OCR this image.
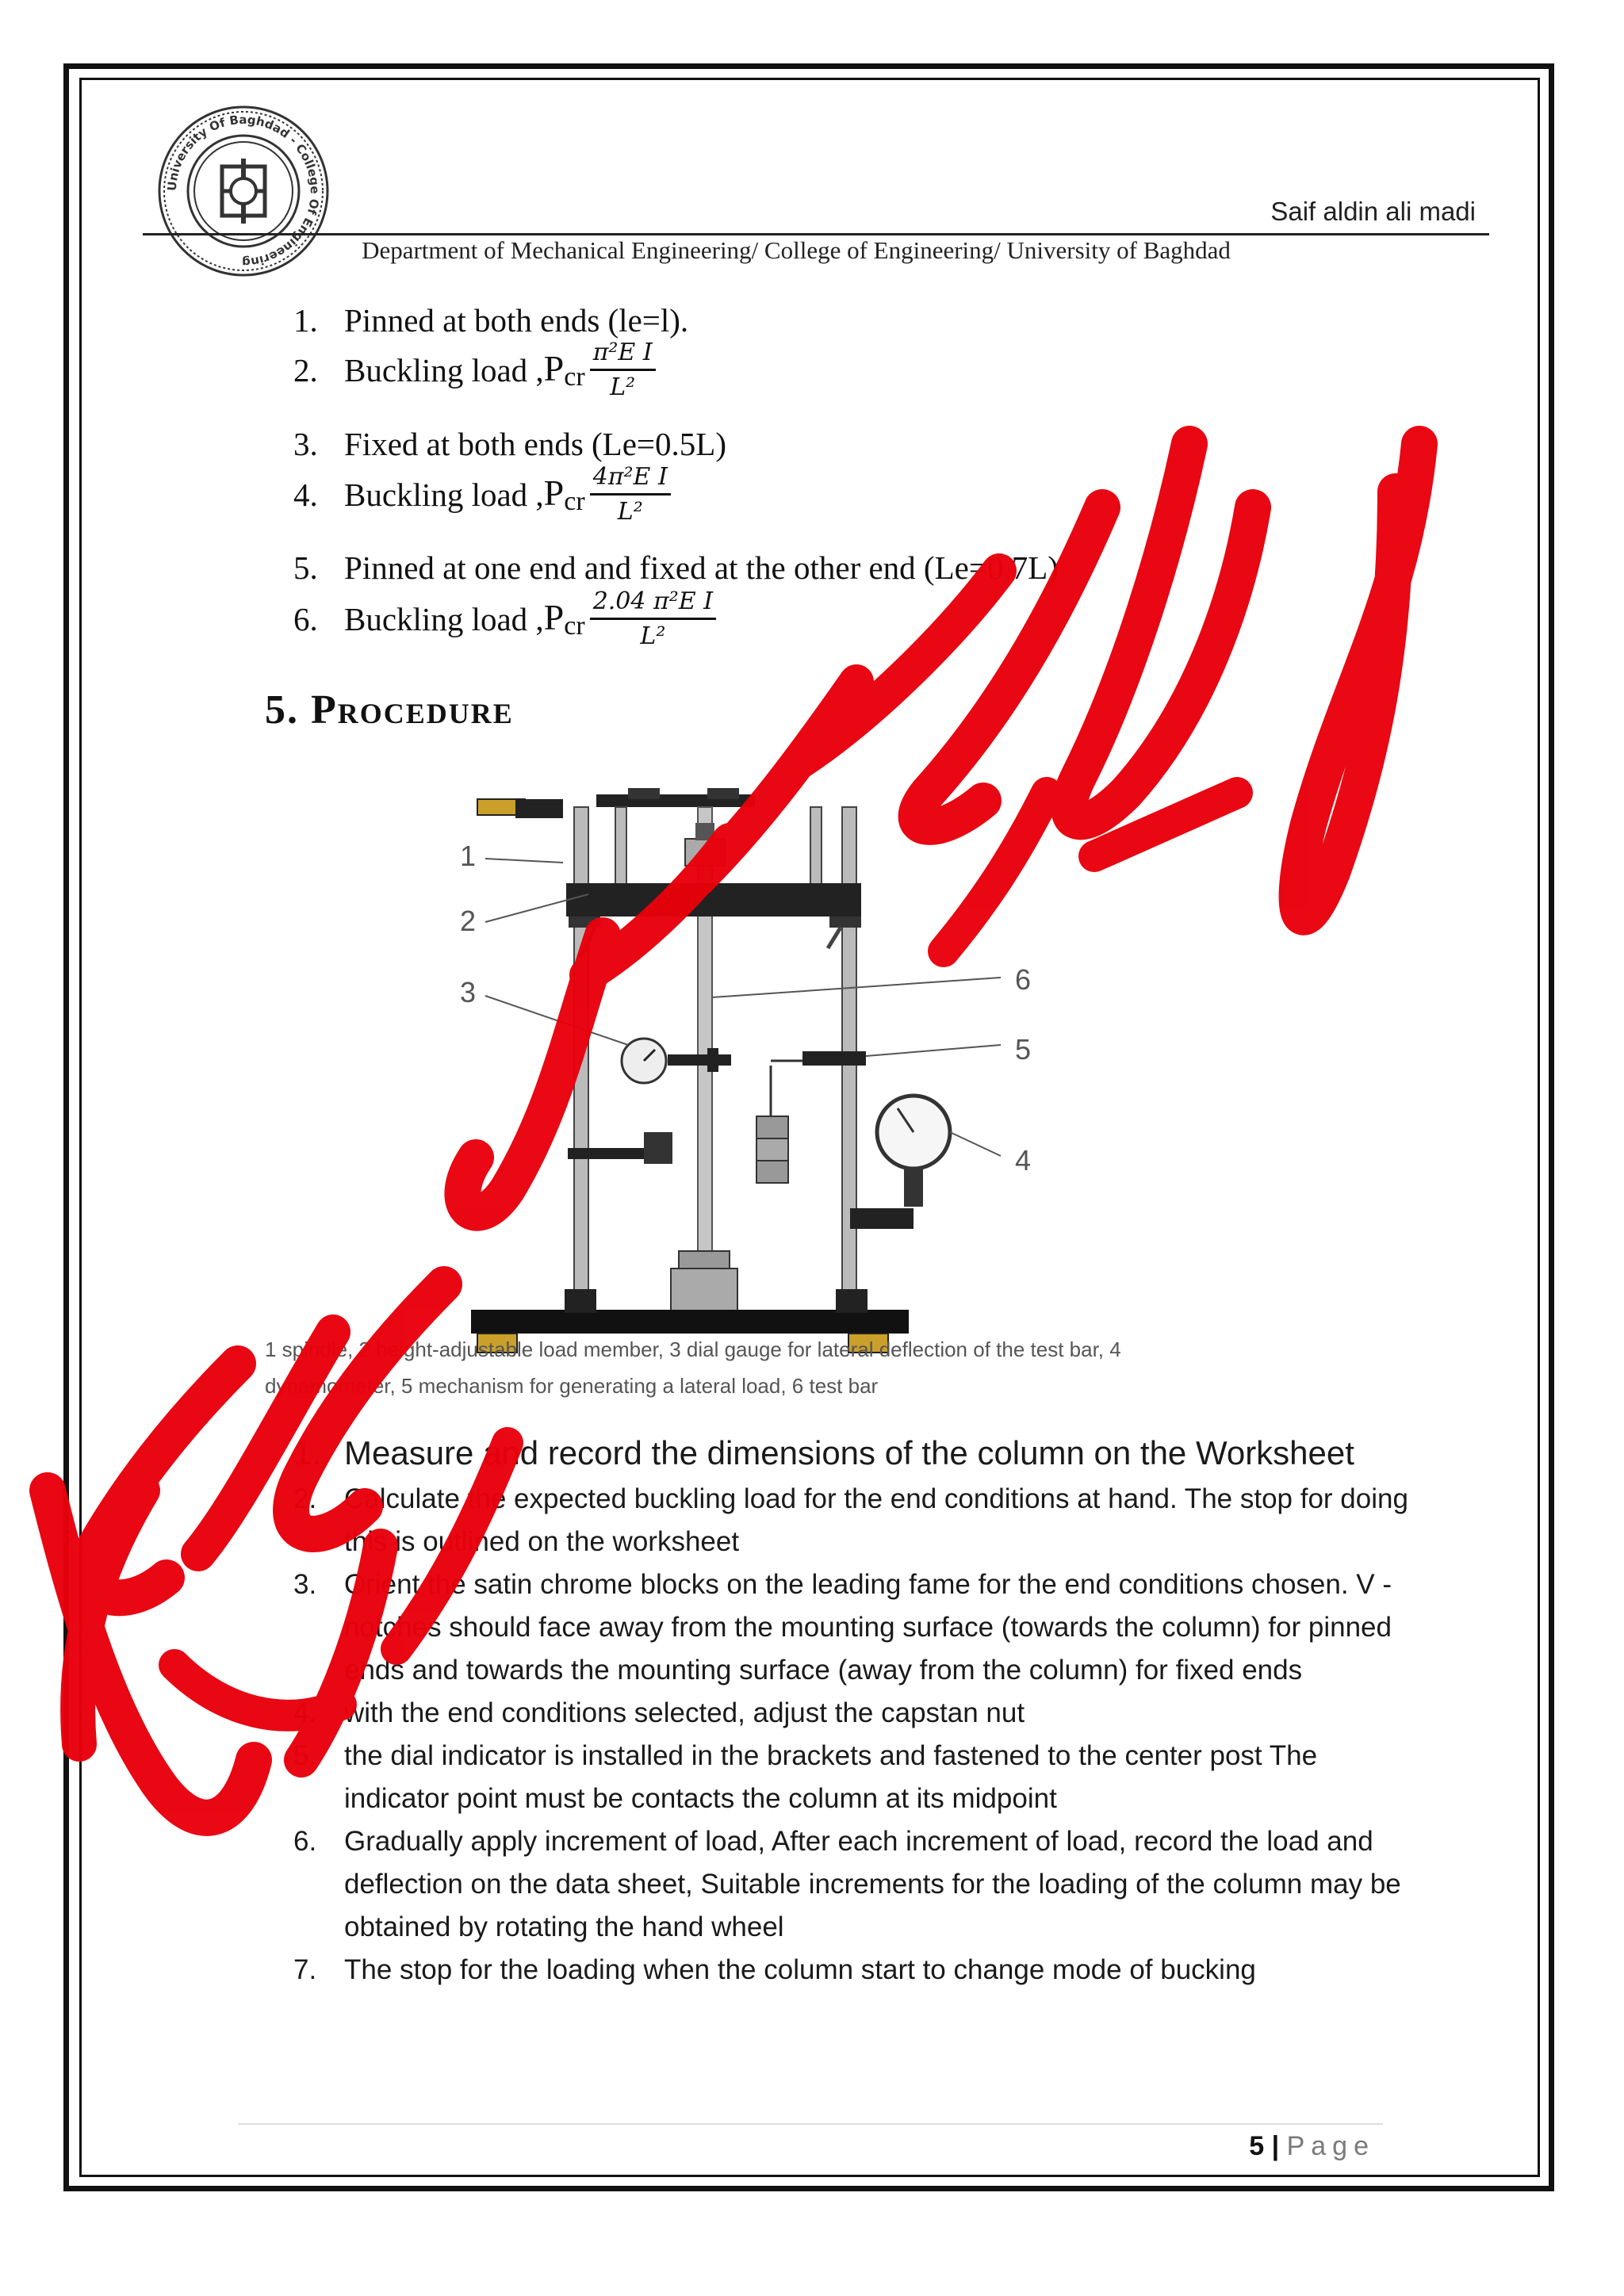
University Of Baghdad - College Of Engineering
Saif aldin ali madi
Department of Mechanical Engineering/ College of Engineering/ University of Baghdad
1. Pinned at both ends (le=l).
2. Buckling load , $P_{cr} \frac{\text{π²E I}}{\text{L²}}$
3. Fixed at both ends (Le=0.5L)
4. Buckling load , $P_{cr} \frac{\text{4π²E I}}{\text{L²}}$
5. Pinned at one end and fixed at the other end (Le=0.7L)
6. Buckling load , $P_{cr} \frac{\text{2.04 π²E I}}{\text{L²}}$
5. Procedure
1
2
3
4
5
6
1 spindle, 2 height-adjustable load member, 3 dial gauge for lateral deflection of the test bar, 4
dynamometer, 5 mechanism for generating a lateral load, 6 test bar
1. Measure and record the dimensions of the column on the Worksheet
2. Calculate the expected buckling load for the end conditions at hand. The stop for doing this is outlined on the worksheet
3. Orient the satin chrome blocks on the leading fame for the end conditions chosen. V - notches should face away from the mounting surface (towards the column) for pinned ends and towards the mounting surface (away from the column) for fixed ends
4. with the end conditions selected, adjust the capstan nut
5. the dial indicator is installed in the brackets and fastened to the center post The indicator point must be contacts the column at its midpoint
6. Gradually apply increment of load, After each increment of load, record the load and deflection on the data sheet, Suitable increments for the loading of the column may be obtained by rotating the hand wheel
7. The stop for the loading when the column start to change mode of bucking
5 | Page
